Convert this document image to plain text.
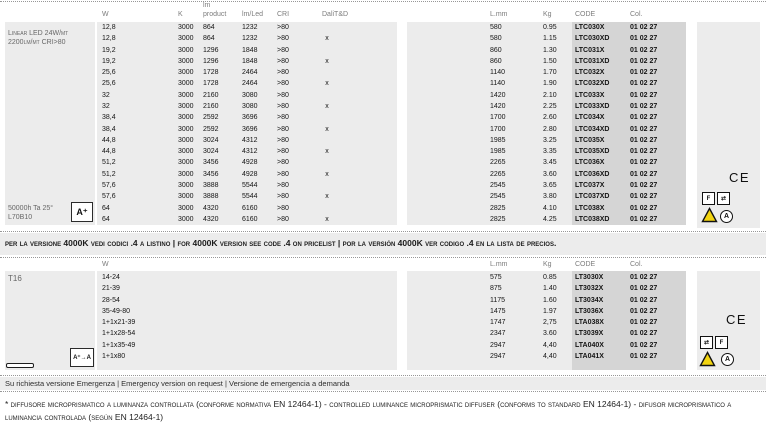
W	K
lm
product lm/Led CRI	DaliT&D	L.mm	Kg	CODE	Col.
Linear LED 24W/mt
2200lm/mt CRI>80
50000h Ta 25°
L70B10
A⁺
12,8	3000 864	1232	>80	580	0.95	LTC030X	01 02 27
12,8	3000 864	1232	>80	x	580	1.15	LTC030XD	01 02 27
19,2	3000 1296	1848	>80	860	1.30	LTC031X	01 02 27
19,2	3000 1296	1848	>80	x	860	1.50	LTC031XD	01 02 27
25,6	3000 1728	2464	>80	1140	1.70	LTC032X	01 02 27
25,6	3000 1728	2464	>80	x	1140	1.90	LTC032XD	01 02 27
32	3000 2160	3080	>80	1420	2.10	LTC033X	01 02 27
32	3000 2160	3080	>80	x	1420	2.25	LTC033XD	01 02 27
38,4	3000 2592	3696	>80	1700	2.60	LTC034X	01 02 27
38,4	3000 2592	3696	>80	x	1700	2.80	LTC034XD	01 02 27
44,8	3000 3024	4312	>80	1985	3.25	LTC035X	01 02 27
44,8	3000 3024	4312	>80	x	1985	3.35	LTC035XD	01 02 27
51,2	3000 3456	4928	>80	2265	3.45	LTC036X	01 02 27
51,2	3000 3456	4928	>80	x	2265	3.60	LTC036XD	01 02 27
57,6	3000 3888	5544	>80	2545	3.65	LTC037X	01 02 27
57,6	3000 3888	5544	>80	x	2545	3.80	LTC037XD	01 02 27
64	3000 4320	6160	>80	2825	4.10	LTC038X	01 02 27
64	3000 4320	6160	>80	x	2825	4.25	LTC038XD	01 02 27
CE
F	⇄
A
per la versione 4000K vedi codici .4 a listino | for 4000K version see code .4 on pricelist | por la versión 4000K ver codigo .4 en la lista de precios.
W	L.mm	Kg	CODE	Col.
T16
A⁺→A
14-24	575	0.85	LT3030X	01 02 27
21-39	875	1.40	LT3032X	01 02 27
28-54	1175	1.60	LT3034X	01 02 27
35-49-80	1475	1.97	LT3036X	01 02 27
1+1x21-39	1747	2,75	LTA038X	01 02 27
1+1x28-54	2347	3.60	LT3039X	01 02 27
1+1x35-49	2947	4,40	LTA040X	01 02 27
1+1x80	2947	4,40	LTA041X	01 02 27
CE
⇄	F
A
Su richiesta versione Emergenza | Emergency version on request | Versione de emergencia a demanda
* diffusore microprismatico a luminanza controllata (conforme normativa EN 12464-1) - controlled luminance microprismatic diffuser (conforms to standard EN 12464-1) - difusor microprismatico a luminancia controlada (según EN 12464-1)
